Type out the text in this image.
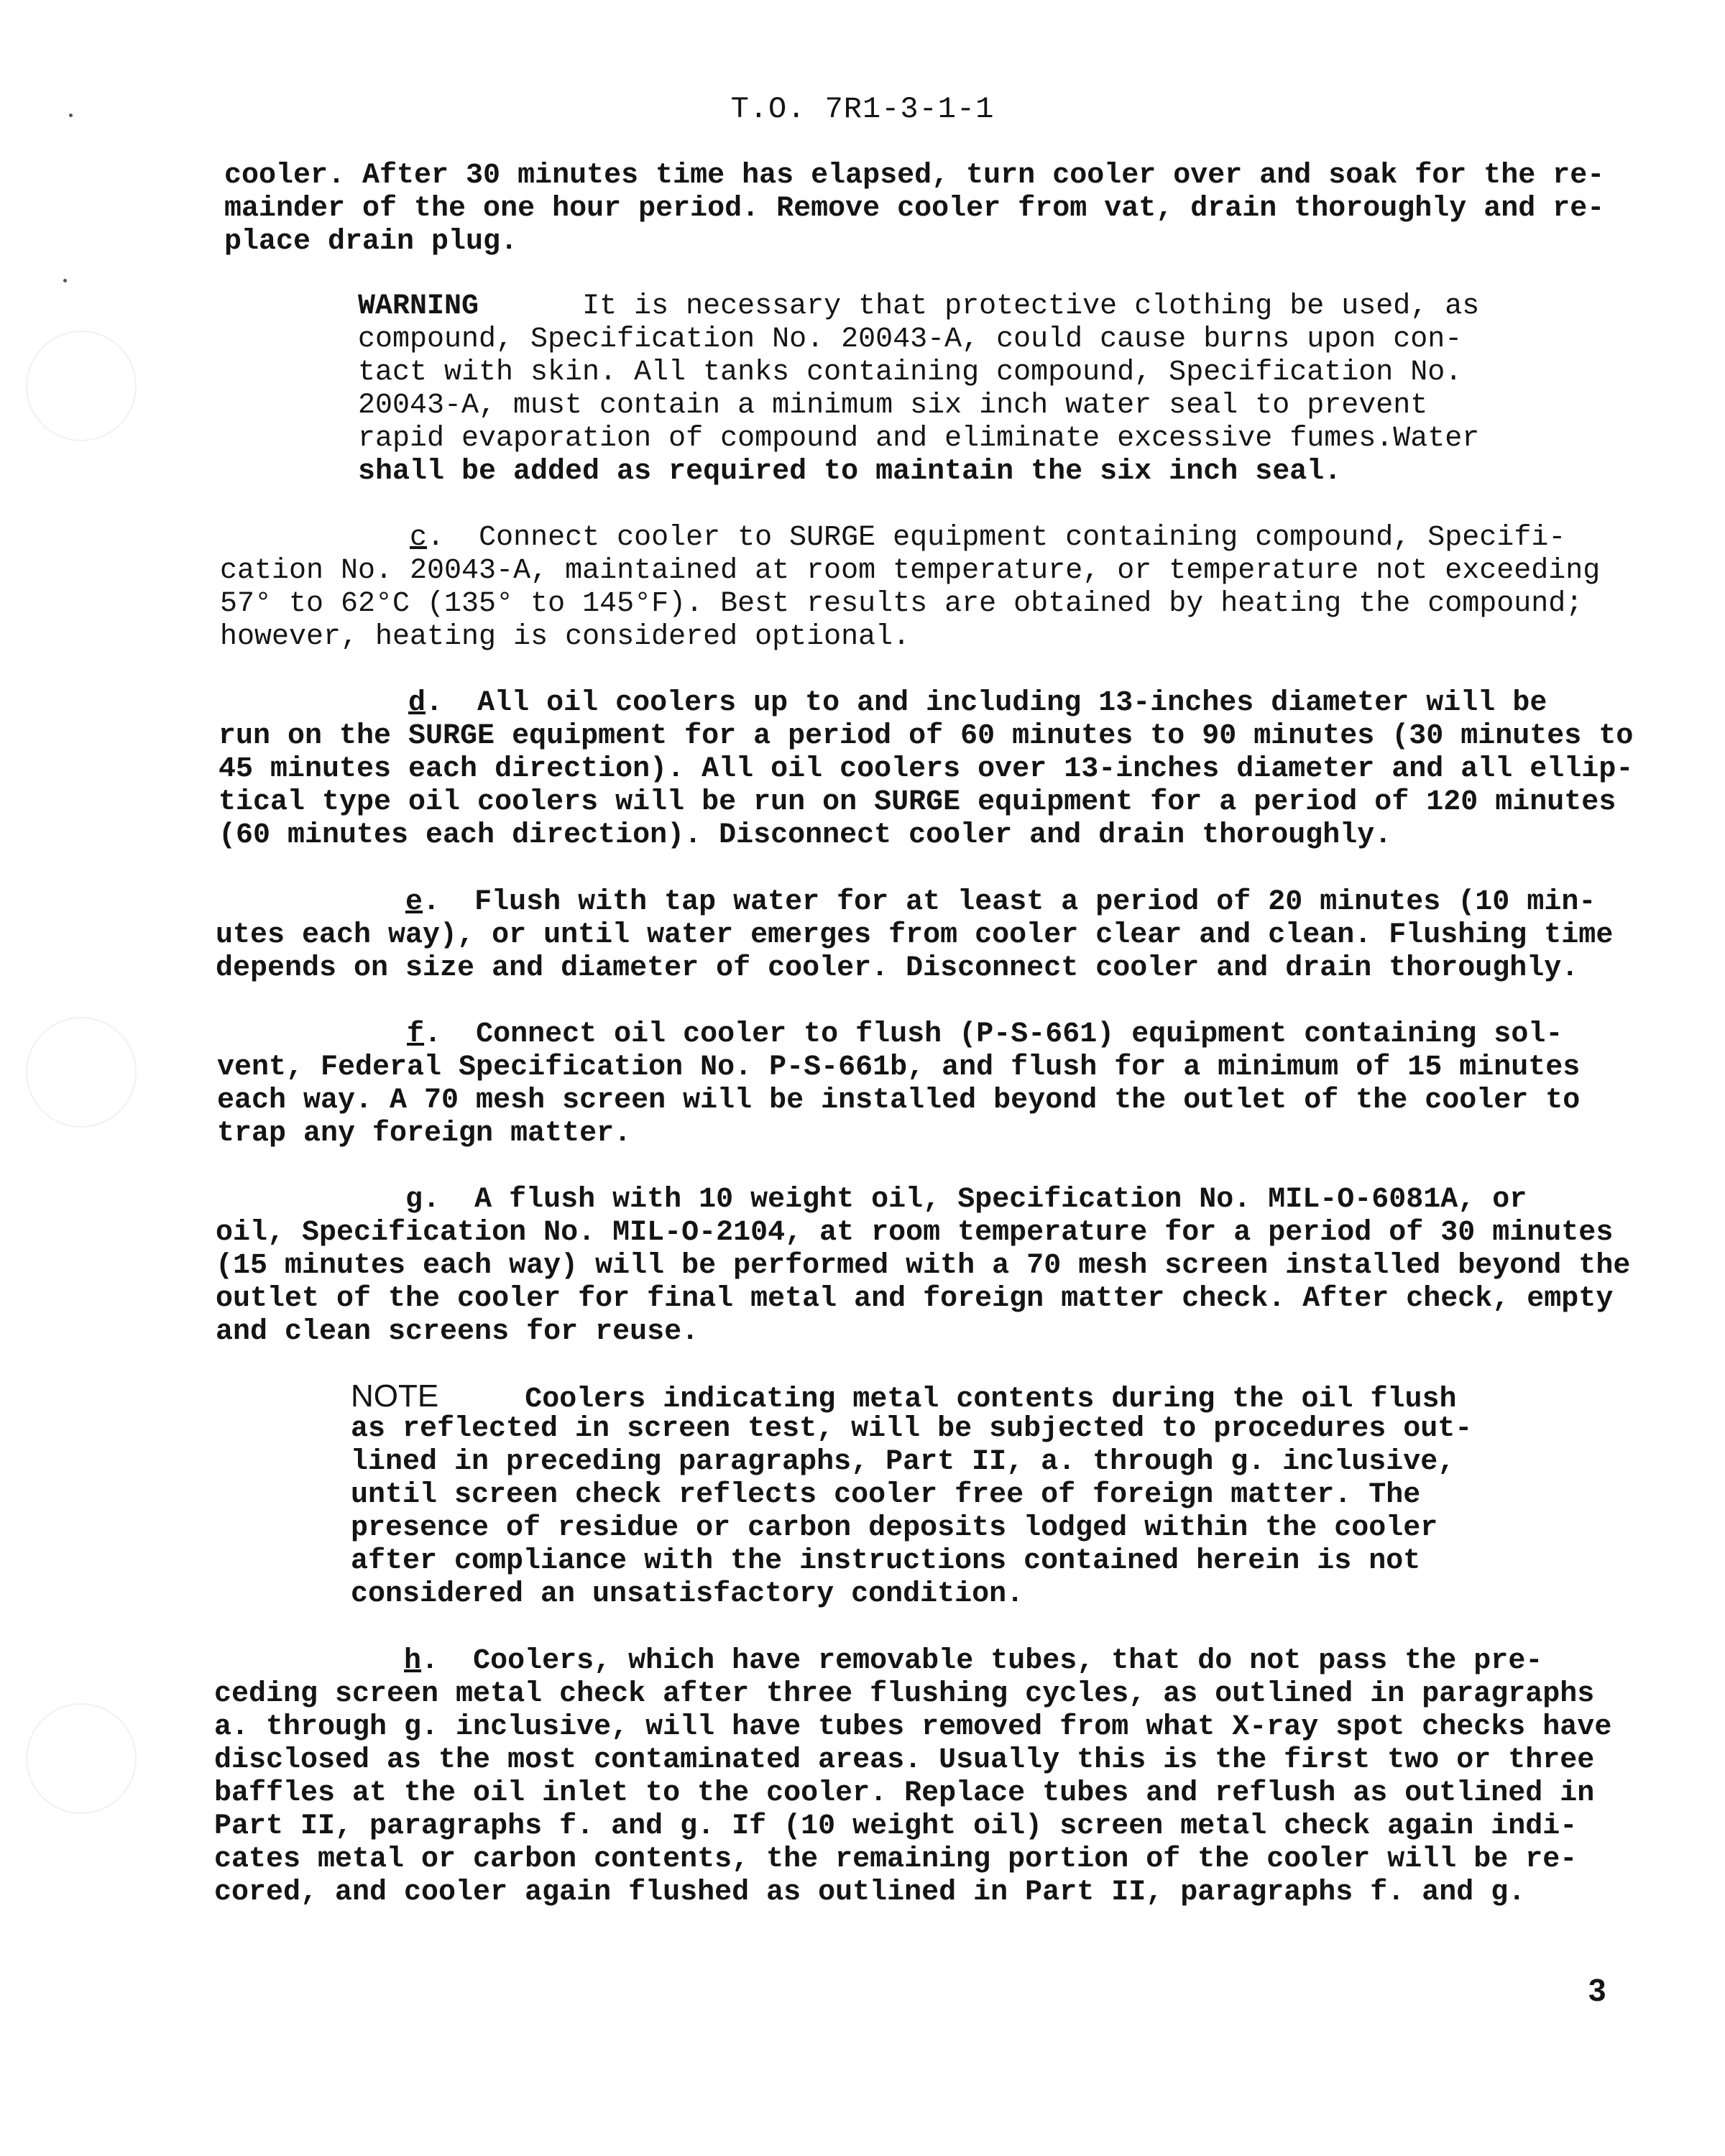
T.O. 7R1-3-1-1
cooler. After 30 minutes time has elapsed, turn cooler over and soak for the re-
mainder of the one hour period. Remove cooler from vat, drain thoroughly and re-
place drain plug.
WARNING	It is necessary that protective clothing be used, as
compound, Specification No. 20043-A, could cause burns upon con-
tact with skin. All tanks containing compound, Specification No.
20043-A, must contain a minimum six inch water seal to prevent
rapid evaporation of compound and eliminate excessive fumes.Water
shall be added as required to maintain the six inch seal.
c.  Connect cooler to SURGE equipment containing compound, Specifi-
cation No. 20043-A, maintained at room temperature, or temperature not exceeding
57° to 62°C (135° to 145°F). Best results are obtained by heating the compound;
however, heating is considered optional.
d.  All oil coolers up to and including 13-inches diameter will be
run on the SURGE equipment for a period of 60 minutes to 90 minutes (30 minutes to
45 minutes each direction). All oil coolers over 13-inches diameter and all ellip-
tical type oil coolers will be run on SURGE equipment for a period of 120 minutes
(60 minutes each direction). Disconnect cooler and drain thoroughly.
e.  Flush with tap water for at least a period of 20 minutes (10 min-
utes each way), or until water emerges from cooler clear and clean. Flushing time
depends on size and diameter of cooler. Disconnect cooler and drain thoroughly.
f.  Connect oil cooler to flush (P-S-661) equipment containing sol-
vent, Federal Specification No. P-S-661b, and flush for a minimum of 15 minutes
each way. A 70 mesh screen will be installed beyond the outlet of the cooler to
trap any foreign matter.
g.  A flush with 10 weight oil, Specification No. MIL-O-6081A, or
oil, Specification No. MIL-O-2104, at room temperature for a period of 30 minutes
(15 minutes each way) will be performed with a 70 mesh screen installed beyond the
outlet of the cooler for final metal and foreign matter check. After check, empty
and clean screens for reuse.
NOTE	Coolers indicating metal contents during the oil flush
as reflected in screen test, will be subjected to procedures out-
lined in preceding paragraphs, Part II, a. through g. inclusive,
until screen check reflects cooler free of foreign matter. The
presence of residue or carbon deposits lodged within the cooler
after compliance with the instructions contained herein is not
considered an unsatisfactory condition.
h.  Coolers, which have removable tubes, that do not pass the pre-
ceding screen metal check after three flushing cycles, as outlined in paragraphs
a. through g. inclusive, will have tubes removed from what X-ray spot checks have
disclosed as the most contaminated areas. Usually this is the first two or three
baffles at the oil inlet to the cooler. Replace tubes and reflush as outlined in
Part II, paragraphs f. and g. If (10 weight oil) screen metal check again indi-
cates metal or carbon contents, the remaining portion of the cooler will be re-
cored, and cooler again flushed as outlined in Part II, paragraphs f. and g.
3
